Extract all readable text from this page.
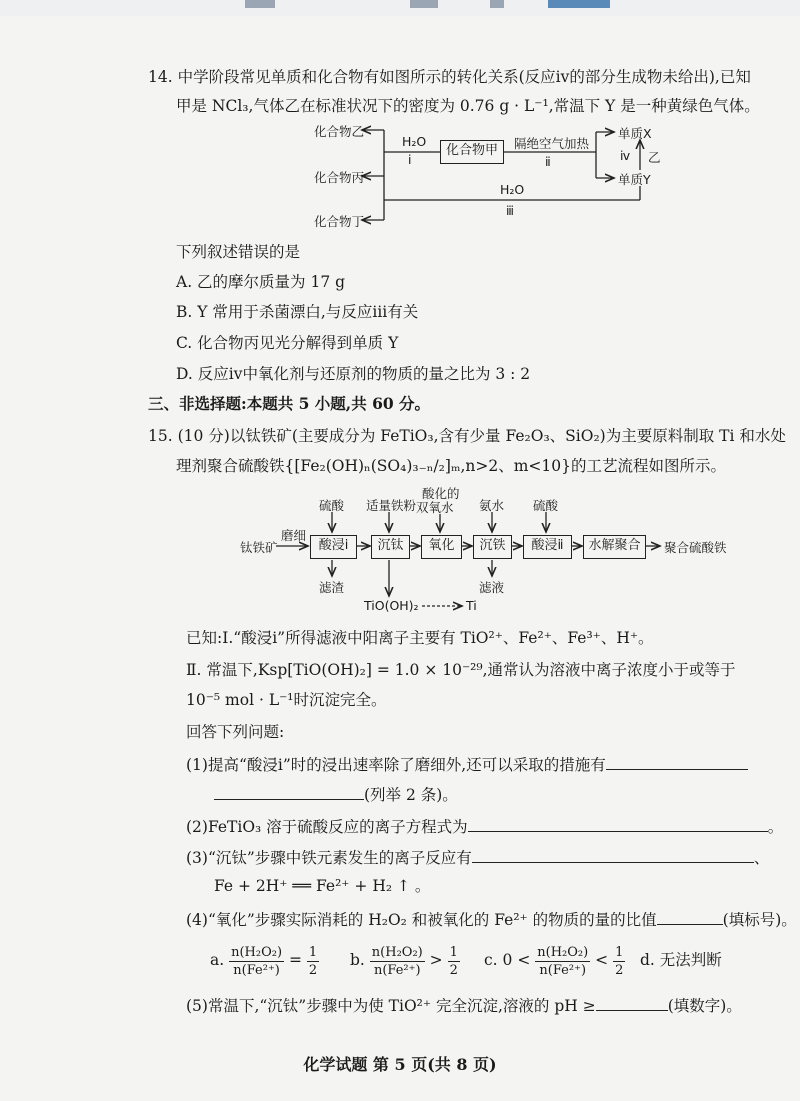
14. 中学阶段常见单质和化合物有如图所示的转化关系(反应ⅳ的部分生成物未给出),已知
甲是 NCl₃,气体乙在标准状况下的密度为 0.76 g · L⁻¹,常温下 Y 是一种黄绿色气体。
化合物乙
化合物丙
化合物丁
化合物甲
单质X
单质Y
H₂O
ⅰ
隔绝空气加热
ⅱ	ⅳ 乙
H₂O
ⅲ
下列叙述错误的是
A. 乙的摩尔质量为 17 g
B. Y 常用于杀菌漂白,与反应ⅲ有关
C. 化合物丙见光分解得到单质 Y
D. 反应ⅳ中氧化剂与还原剂的物质的量之比为 3 : 2
三、非选择题:本题共 5 小题,共 60 分。
15. (10 分)以钛铁矿(主要成分为 FeTiO₃,含有少量 Fe₂O₃、SiO₂)为主要原料制取 Ti 和水处
理剂聚合硫酸铁{[Fe₂(OH)ₙ(SO₄)₃₋ₙ/₂]ₘ,n>2、m<10}的工艺流程如图所示。
钛铁矿
磨细
酸浸ⅰ	沉钛	氧化	沉铁	酸浸ⅱ	水解聚合	聚合硫酸铁
硫酸 适量铁粉
酸化的
双氧水 氨水 硫酸
滤渣	滤液
TiO(OH)₂	Ti
已知:Ⅰ.“酸浸ⅰ”所得滤液中阳离子主要有 TiO²⁺、Fe²⁺、Fe³⁺、H⁺。
Ⅱ. 常温下,Ksp[TiO(OH)₂] = 1.0 × 10⁻²⁹,通常认为溶液中离子浓度小于或等于
10⁻⁵ mol · L⁻¹时沉淀完全。
回答下列问题:
(1)提高“酸浸ⅰ”时的浸出速率除了磨细外,还可以采取的措施有
(列举 2 条)。
(2)FeTiO₃ 溶于硫酸反应的离子方程式为	。
(3)“沉钛”步骤中铁元素发生的离子反应有	、
Fe + 2H⁺ ══ Fe²⁺ + H₂ ↑ 。
(4)“氧化”步骤实际消耗的 H₂O₂ 和被氧化的 Fe²⁺ 的物质的量的比值	(填标号)。
a. $\frac{\text{n(H₂O₂)}}{\text{n(Fe²⁺)}} = \frac{1}{2} b$. $\frac{\text{n(H₂O₂)}}{\text{n(Fe²⁺)}} > \frac{1}{2} c$. $0 < \frac{\text{n(H₂O₂)}}{\text{n(Fe²⁺)}} < \frac{1}{2} d$. 无法判断
(5)常温下,“沉钛”步骤中为使 TiO²⁺ 完全沉淀,溶液的 pH ≥	(填数字)。
化学试题 第 5 页(共 8 页)
